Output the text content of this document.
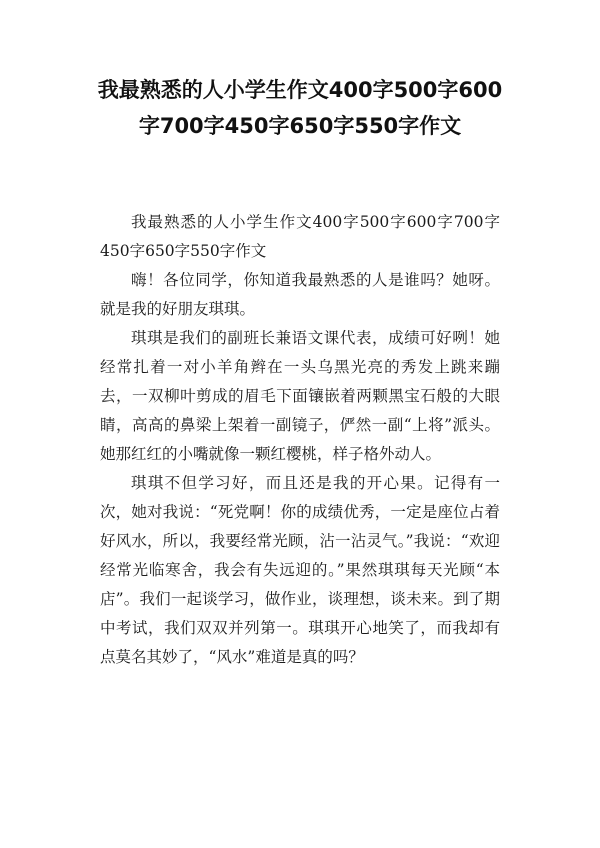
我最熟悉的人小学生作文400字500字600字700字450字650字550字作文

我最熟悉的人小学生作文400字500字600字700字450字650字550字作文

嗨！各位同学，你知道我最熟悉的人是谁吗？她呀。就是我的好朋友琪琪。

琪琪是我们的副班长兼语文课代表，成绩可好咧！她经常扎着一对小羊角辫在一头乌黑光亮的秀发上跳来蹦去，一双柳叶剪成的眉毛下面镶嵌着两颗黑宝石般的大眼睛，高高的鼻梁上架着一副镜子，俨然一副“上将”派头。她那红红的小嘴就像一颗红樱桃，样子格外动人。

琪琪不但学习好，而且还是我的开心果。记得有一次，她对我说：“死党啊！你的成绩优秀，一定是座位占着好风水，所以，我要经常光顾，沾一沾灵气。”我说：“欢迎经常光临寒舍，我会有失远迎的。”果然琪琪每天光顾“本店”。我们一起谈学习，做作业，谈理想，谈未来。到了期中考试，我们双双并列第一。琪琪开心地笑了，而我却有点莫名其妙了，“风水”难道是真的吗？
